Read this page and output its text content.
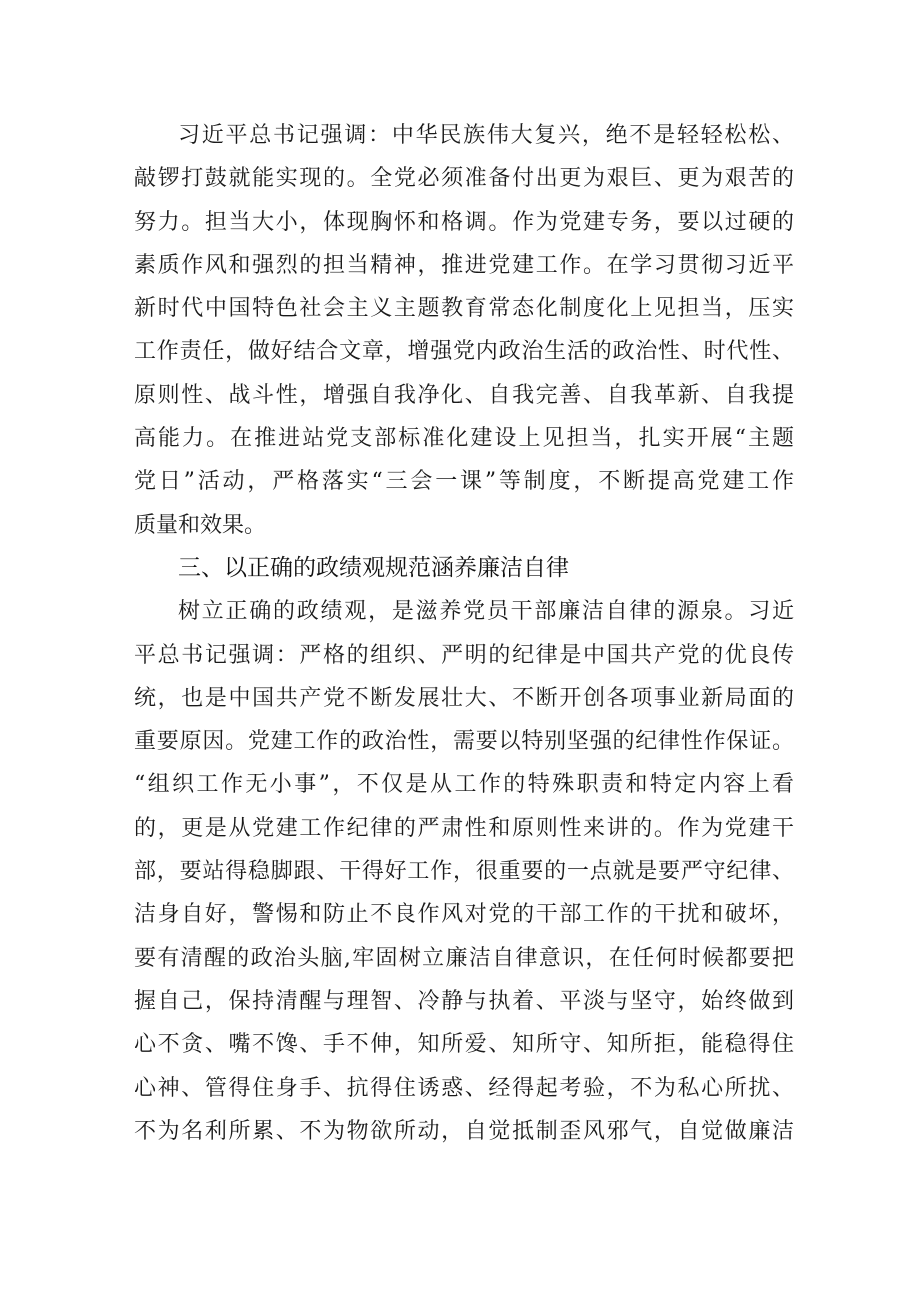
习近平总书记强调：中华民族伟大复兴，绝不是轻轻松松、
敲锣打鼓就能实现的。全党必须准备付出更为艰巨、更为艰苦的
努力。担当大小，体现胸怀和格调。作为党建专务，要以过硬的
素质作风和强烈的担当精神，推进党建工作。在学习贯彻习近平
新时代中国特色社会主义主题教育常态化制度化上见担当，压实
工作责任，做好结合文章，增强党内政治生活的政治性、时代性、
原则性、战斗性，增强自我净化、自我完善、自我革新、自我提
高能力。在推进站党支部标准化建设上见担当，扎实开展“主题
党日”活动，严格落实“三会一课”等制度，不断提高党建工作
质量和效果。
三、以正确的政绩观规范涵养廉洁自律
树立正确的政绩观，是滋养党员干部廉洁自律的源泉。习近
平总书记强调：严格的组织、严明的纪律是中国共产党的优良传
统，也是中国共产党不断发展壮大、不断开创各项事业新局面的
重要原因。党建工作的政治性，需要以特别坚强的纪律性作保证。
“组织工作无小事”，不仅是从工作的特殊职责和特定内容上看
的，更是从党建工作纪律的严肃性和原则性来讲的。作为党建干
部，要站得稳脚跟、干得好工作，很重要的一点就是要严守纪律、
洁身自好，警惕和防止不良作风对党的干部工作的干扰和破坏，
要有清醒的政治头脑,牢固树立廉洁自律意识，在任何时候都要把
握自己，保持清醒与理智、冷静与执着、平淡与坚守，始终做到
心不贪、嘴不馋、手不伸，知所爱、知所守、知所拒，能稳得住
心神、管得住身手、抗得住诱惑、经得起考验，不为私心所扰、
不为名利所累、不为物欲所动，自觉抵制歪风邪气，自觉做廉洁
